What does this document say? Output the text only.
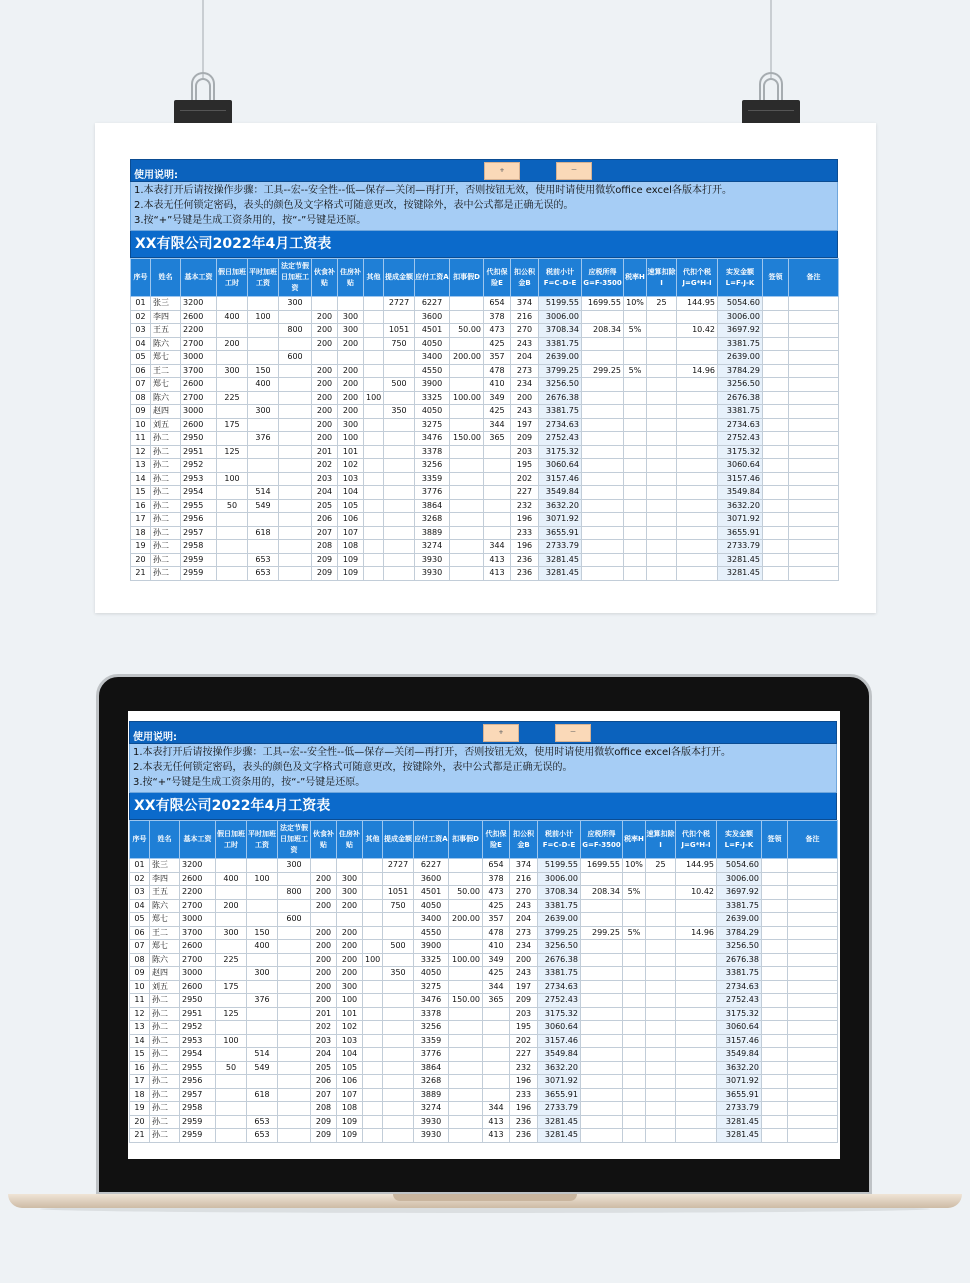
使用说明:	+	－
1.本表打开后请按操作步骤：工具--宏--安全性--低—保存—关闭—再打开，否则按钮无效，使用时请使用微软office excel各版本打开。
2.本表无任何锁定密码，表头的颜色及文字格式可随意更改，按键除外，表中公式都是正确无误的。
3.按“+”号键是生成工资条用的，按“-”号键是还原。
XX有限公司2022年4月工资表
序号	姓名	基本工资	假日加班工时	平时加班工资	法定节假日加班工资	伙食补贴	住房补贴	其他	提成金额	应付工资A	扣事假D	代扣保险E	扣公积金B	税前小计F=C-D-E	应税所得G=F-3500	税率H	速算扣除I	代扣个税J=G*H-I	实发金额L=F-J-K	签领	备注
01	张三	3200			300				2727	6227		654	374	5199.55	1699.55	10%	25	144.95	5054.60		
02	李四	2600	400	100		200	300			3600		378	216	3006.00					3006.00		
03	王五	2200			800	200	300		1051	4501	50.00	473	270	3708.34	208.34	5%		10.42	3697.92		
04	陈六	2700	200			200	200		750	4050		425	243	3381.75					3381.75		
05	郑七	3000			600					3400	200.00	357	204	2639.00					2639.00		
06	王二	3700	300	150		200	200			4550		478	273	3799.25	299.25	5%		14.96	3784.29		
07	郑七	2600		400		200	200		500	3900		410	234	3256.50					3256.50		
08	陈六	2700	225			200	200	100		3325	100.00	349	200	2676.38					2676.38		
09	赵四	3000		300		200	200		350	4050		425	243	3381.75					3381.75		
10	刘五	2600	175			200	300			3275		344	197	2734.63					2734.63		
11	孙二	2950		376		200	100			3476	150.00	365	209	2752.43					2752.43		
12	孙二	2951	125			201	101			3378			203	3175.32					3175.32		
13	孙二	2952				202	102			3256			195	3060.64					3060.64		
14	孙二	2953	100			203	103			3359			202	3157.46					3157.46		
15	孙二	2954		514		204	104			3776			227	3549.84					3549.84		
16	孙二	2955	50	549		205	105			3864			232	3632.20					3632.20		
17	孙二	2956				206	106			3268			196	3071.92					3071.92		
18	孙二	2957		618		207	107			3889			233	3655.91					3655.91		
19	孙二	2958				208	108			3274		344	196	2733.79					2733.79		
20	孙二	2959		653		209	109			3930		413	236	3281.45					3281.45		
21	孙二	2959		653		209	109			3930		413	236	3281.45					3281.45		
使用说明:	+	－
1.本表打开后请按操作步骤：工具--宏--安全性--低—保存—关闭—再打开，否则按钮无效，使用时请使用微软office excel各版本打开。
2.本表无任何锁定密码，表头的颜色及文字格式可随意更改，按键除外，表中公式都是正确无误的。
3.按“+”号键是生成工资条用的，按“-”号键是还原。
XX有限公司2022年4月工资表
序号	姓名	基本工资	假日加班工时	平时加班工资	法定节假日加班工资	伙食补贴	住房补贴	其他	提成金额	应付工资A	扣事假D	代扣保险E	扣公积金B	税前小计F=C-D-E	应税所得G=F-3500	税率H	速算扣除I	代扣个税J=G*H-I	实发金额L=F-J-K	签领	备注
01	张三	3200			300				2727	6227		654	374	5199.55	1699.55	10%	25	144.95	5054.60		
02	李四	2600	400	100		200	300			3600		378	216	3006.00					3006.00		
03	王五	2200			800	200	300		1051	4501	50.00	473	270	3708.34	208.34	5%		10.42	3697.92		
04	陈六	2700	200			200	200		750	4050		425	243	3381.75					3381.75		
05	郑七	3000			600					3400	200.00	357	204	2639.00					2639.00		
06	王二	3700	300	150		200	200			4550		478	273	3799.25	299.25	5%		14.96	3784.29		
07	郑七	2600		400		200	200		500	3900		410	234	3256.50					3256.50		
08	陈六	2700	225			200	200	100		3325	100.00	349	200	2676.38					2676.38		
09	赵四	3000		300		200	200		350	4050		425	243	3381.75					3381.75		
10	刘五	2600	175			200	300			3275		344	197	2734.63					2734.63		
11	孙二	2950		376		200	100			3476	150.00	365	209	2752.43					2752.43		
12	孙二	2951	125			201	101			3378			203	3175.32					3175.32		
13	孙二	2952				202	102			3256			195	3060.64					3060.64		
14	孙二	2953	100			203	103			3359			202	3157.46					3157.46		
15	孙二	2954		514		204	104			3776			227	3549.84					3549.84		
16	孙二	2955	50	549		205	105			3864			232	3632.20					3632.20		
17	孙二	2956				206	106			3268			196	3071.92					3071.92		
18	孙二	2957		618		207	107			3889			233	3655.91					3655.91		
19	孙二	2958				208	108			3274		344	196	2733.79					2733.79		
20	孙二	2959		653		209	109			3930		413	236	3281.45					3281.45		
21	孙二	2959		653		209	109			3930		413	236	3281.45					3281.45		
